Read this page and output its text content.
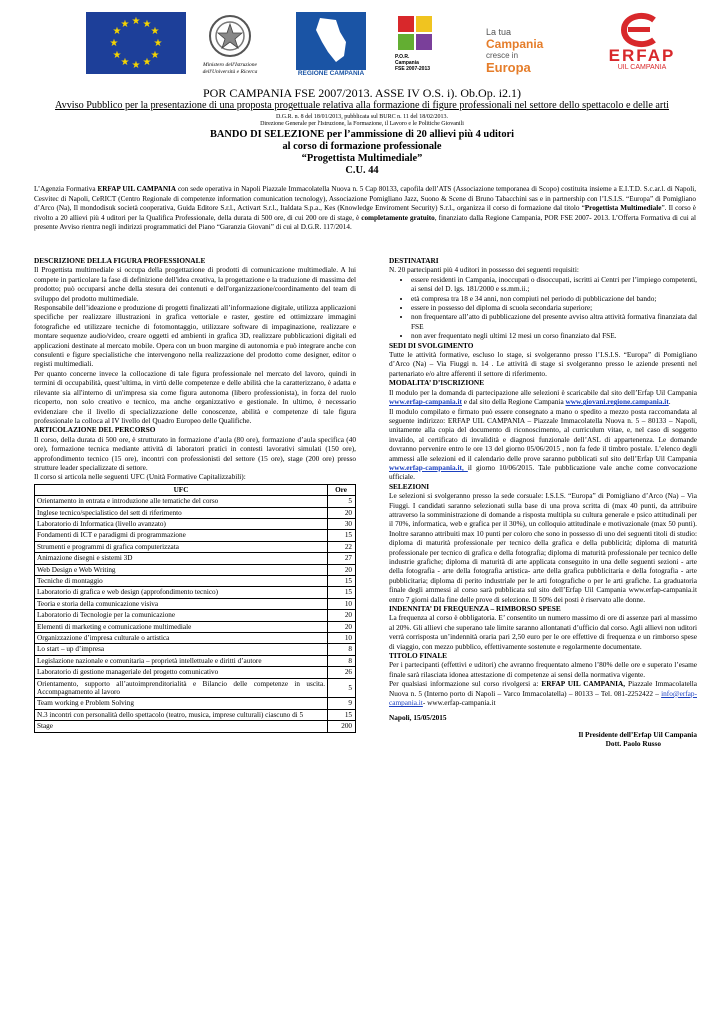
★ ★
★
★
★
★
★
★
★
★
★
★
Ministero dell'Istruzione
dell'Università e Ricerca	REGIONE CAMPANIA
P.O.R.
Campania
FSE 2007-2013
La tua
Campania
cresce in
Europa
ERFAP
UIL CAMPANIA
POR CAMPANIA FSE 2007/2013. ASSE IV O.S. i). Ob.Op. i2.1)
Avviso Pubblico per la presentazione di una proposta progettuale relativa alla formazione di figure professionali nel settore dello spettacolo e delle arti
D.G.R. n. 8 del 18/01/2013, pubblicata sul BURC n. 11 del 18/02/2013.
Direzione Generale per l'Istruzione, la Formazione, il Lavoro e le Politiche Giovanili
BANDO DI SELEZIONE per l’ammissione di 20 allievi più 4 uditori
al corso di formazione professionale
“Progettista Multimediale”
C.U. 44
L’Agenzia Formativa ERFAP UIL CAMPANIA con sede operativa in Napoli Piazzale Immacolatella Nuova n. 5 Cap 80133, capofila dell’ATS (Associazione temporanea di Scopo) costituita insieme a E.I.T.D. S.c.ar.l. di Napoli, Cesvitec di Napoli, CeRICT (Centro Regionale di competenze information comunication tecnology), Associazione Pomigliano Jazz, Suono & Scene di Bruno Tabacchini sas e in partnership con l’I.S.I.S. “Europa” di Pomigliano d’Arco (Na), Il mondodisuk società cooperativa, Guida Editore S.r.l., Activart S.r.l., Italdata S.p.a., Kes (Knowledge Enviroment Security) S.r.l., organizza il corso di formazione dal titolo “Progettista Multimediale”. Il corso è rivolto a 20 allievi più 4 uditori per la Qualifica Professionale, della durata di 500 ore, di cui 200 ore di stage, è completamente gratuito, finanziato dalla Regione Campania, POR FSE 2007- 2013. L’Offerta Formativa di cui al presente Avviso rientra negli indirizzi programmatici del Piano “Garanzia Giovani” di cui al D.G.R. 117/2014.

DESCRIZIONE DELLA FIGURA PROFESSIONALE

Il Progettista multimediale si occupa della progettazione di prodotti di comunicazione multimediale. A lui compete in particolare la fase di definizione dell'idea creativa, la progettazione e la traduzione di massima del prodotto; può occuparsi anche della stesura dei contenuti e dell'organizzazione/coordinamento del team di sviluppo del prodotto multimediale.

Responsabile dell’ideazione e produzione di progetti finalizzati all’informazione digitale, utilizza applicazioni specifiche per realizzare illustrazioni in grafica vettoriale e raster, gestire ed ottimizzare immagini fotografiche ed utilizzare tecniche di fotomontaggio, utilizzare software di impaginazione, realizzare e montare sequenze audio/video, creare oggetti ed ambienti in grafica 3D, realizzare pubblicazioni digitali ed applicazioni destinate al mercato mobile. Opera con un buon margine di autonomia e può integrare anche con consulenti e figure specialistiche che intervengono nella realizzazione del prodotto come designer, editor o registi multimediali.

Per quanto concerne invece la collocazione di tale figura professionale nel mercato del lavoro, quindi in termini di occupabilità, quest’ultima, in virtù delle competenze e delle abilità che la caratterizzano, è adatta e rilevante sia all'interno di un'impresa sia come figura autonoma (libero professionista), in forza del ruolo ricoperto, non solo creativo e tecnico, ma anche organizzativo e gestionale. In ultimo, è necessario evidenziare che il livello di specializzazione delle conoscenze, abilità e competenze di tale figura professionale la colloca al IV livello del Quadro Europeo delle Qualifiche.

ARTICOLAZIONE DEL PERCORSO

Il corso, della durata di 500 ore, è strutturato in formazione d’aula (80 ore), formazione d’aula specifica (40 ore), formazione tecnica mediante attività di laboratori pratici in contesti lavorativi simulati (150 ore), approfondimento tecnico (15 ore), incontri con professionisti del settore (15 ore), stage (200 ore) presso strutture leader specializzate di settore.

Il corso si articola nelle seguenti UFC (Unità Formative Capitalizzabili):

UFC	Ore
Orientamento in entrata e introduzione alle tematiche del corso	5
Inglese tecnico/specialistico del sett di riferimento	20
Laboratorio di Informatica (livello avanzato)	30
Fondamenti di ICT e paradigmi di programmazione	15
Strumenti e programmi di grafica computerizzata	22
Animazione disegni e sistemi 3D	27
Web Design e Web Writing	20
Tecniche di montaggio	15
Laboratorio di grafica e web design (approfondimento tecnico)	15
Teoria e storia della comunicazione visiva	10
Laboratorio di Tecnologie per la comunicazione	20
Elementi di marketing e comunicazione multimediale	20
Organizzazione d’impresa culturale o artistica	10
Lo start – up d’impresa	8
Legislazione nazionale e comunitaria – proprietà intellettuale e diritti d’autore	8
Laboratorio di gestione manageriale del progetto comunicativo	26
Orientamento, supporto all’autoimprenditorialità e Bilancio delle competenze in uscita. Accompagnamento al lavoro	5
Team working e Problem Solving	9
N.3 incontri con personalità dello spettacolo (teatro, musica, imprese culturali) ciascuno di 5	15
Stage	200

DESTINATARI

N. 20 partecipanti più 4 uditori in possesso dei seguenti requisiti:

• essere residenti in Campania, inoccupati o disoccupati, iscritti ai Centri per l’impiego competenti, ai sensi del D. lgs. 181/2000 e ss.mm.ii.;
• età compresa tra 18 e 34 anni, non compiuti nel periodo di pubblicazione del bando;
• essere in possesso del diploma di scuola secondaria superiore;
• non frequentare all’atto di pubblicazione del presente avviso altra attività formativa finanziata dal FSE
• non aver frequentato negli ultimi 12 mesi un corso finanziato dal FSE.

SEDI DI SVOLGIMENTO

Tutte le attività formative, escluso lo stage, si svolgeranno presso l’I.S.I.S. “Europa” di Pomigliano d’Arco (Na) – Via Fiuggi n. 14 . Le attività di stage si svolgeranno presso le aziende presenti nel partenariato e/o altre afferenti il settore di riferimento.

MODALITA’ D’ISCRIZIONE

Il modulo per la domanda di partecipazione alle selezioni è scaricabile dal sito dell’Erfap Uil Campania www.erfap-campania.it e dal sito della Regione Campania www.giovani.regione.campania.it.

Il modulo compilato e firmato può essere consegnato a mano o spedito a mezzo posta raccomandata al seguente indirizzo: ERFAP UIL CAMPANIA – Piazzale Immacolatella Nuova n. 5 – 80133 – Napoli, unitamente alla copia del documento di riconoscimento, al curriculum vitae, e, nel caso di soggetto invalido, al certificato di invalidità e diagnosi funzionale dell’ASL di appartenenza. Le domande dovranno pervenire entro le ore 13 del giorno 05/06/2015 , non fa fede il timbro postale. L’elenco degli ammessi alle selezioni ed il calendario delle prove saranno pubblicati sul sito dell’Erfap Uil Campania www.erfap-campania.it, il giorno 10/06/2015. Tale pubblicazione vale anche come convocazione ufficiale.

SELEZIONI

Le selezioni si svolgeranno presso la sede corsuale: I.S.I.S. “Europa” di Pomigliano d’Arco (Na) – Via Fiuggi. I candidati saranno selezionati sulla base di una prova scritta di (max 40 punti, da attribuire attraverso la somministrazione di domande a risposta multipla su cultura generale e psico attitudinali per il 70%, informatica, web e grafica per il 30%), un colloquio attitudinale e motivazionale (max 50 punti). Inoltre saranno attribuiti max 10 punti per coloro che sono in possesso di uno dei seguenti titoli di studio: diploma di maturità professionale per tecnico della grafica e della pubblicità; diploma di maturità professionale per tecnico di grafica e della fotografia; diploma di maturità professionale per tecnico delle industrie grafiche; diploma di maturità di arte applicata conseguito in una delle seguenti sezioni - arte della fotografia - arte della fotografia artistica- arte della grafica pubblicitaria e della fotografia - arte pubblicitaria; diploma di perito industriale per le arti fotografiche o per le arti grafiche. La graduatoria finale degli ammessi al corso sarà pubblicata sul sito dell’Erfap Uil Campania www.erfap-campania.it entro 7 giorni dalla fine delle prove di selezione. Il 50% dei posti è riservato alle donne.

INDENNITA’ DI FREQUENZA – RIMBORSO SPESE

La frequenza al corso è obbligatoria. E’ consentito un numero massimo di ore di assenze pari al massimo al 20%. Gli allievi che superano tale limite saranno allontanati d’ufficio dal corso. Agli allievi non uditori verrà corrisposta un’indennità oraria pari 2,50 euro per le ore effettive di frequenza e un rimborso spese di viaggio, con mezzo pubblico, effettivamente sostenute e regolarmente documentate.

TITOLO FINALE

Per i partecipanti (effettivi e uditori) che avranno frequentato almeno l’80% delle ore e superato l’esame finale sarà rilasciata idonea attestazione di competenze ai sensi della normativa vigente.

Per qualsiasi informazione sul corso rivolgersi a: ERFAP UIL CAMPANIA, Piazzale Immacolatella Nuova n. 5 (Interno porto di Napoli – Varco Immacolatella) – 80133 – Tel. 081-2252422 – info@erfap-campania.it- www.erfap-campania.it

Napoli, 15/05/2015

Il Presidente dell’Erfap Uil Campania

Dott. Paolo Russo
